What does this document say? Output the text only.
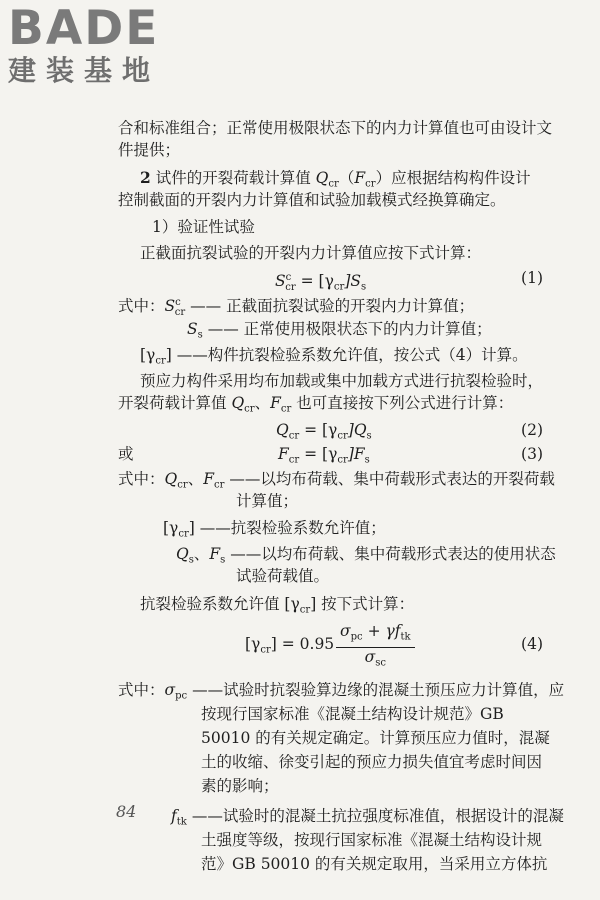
BADE
建装基地
合和标准组合；正常使用极限状态下的内力计算值也可由设计文
件提供；
2 试件的开裂荷载计算值 $Q_{cr}(F_{cr})$应根据结构构件设计
控制截面的开裂内力计算值和试验加载模式经换算确定。
1）验证性试验
正截面抗裂试验的开裂内力计算值应按下式计算：
$S^c_{cr} = [\gamma_{cr}]S_s$
(1)
式中：$S^c_{cr}$ —— 正截面抗裂试验的开裂内力计算值；
$S_s$ —— 正常使用极限状态下的内力计算值；
$[\gamma_{cr}]$ ——构件抗裂检验系数允许值，按公式（4）计算。
预应力构件采用均布加载或集中加载方式进行抗裂检验时，
开裂荷载计算值 $Q_{cr}$、$F_{cr}$ 也可直接按下列公式进行计算：
$Q_{cr} = [\gamma_{cr}]Q_s$	(2)
或	$F_{cr} = [\gamma_{cr}]F_s$	(3)
式中：$Q_{cr}$、$F_{cr}$ ——以均布荷载、集中荷载形式表达的开裂荷载
计算值；
$[\gamma_{cr}]$ ——抗裂检验系数允许值；
$Q_s$、$F_s$ ——以均布荷载、集中荷载形式表达的使用状态
试验荷载值。
抗裂检验系数允许值 $[\gamma_{cr}]$ 按下式计算：
$[\gamma_{cr}] = 0.95$
$\sigma_{pc} + \gamma f_{tk}$
$\sigma_{sc}$
(4)
式中：$\sigma_{pc}$ ——试验时抗裂验算边缘的混凝土预压应力计算值，应
按现行国家标准《混凝土结构设计规范》GB
50010 的有关规定确定。计算预压应力值时，混凝
土的收缩、徐变引起的预应力损失值宜考虑时间因
素的影响；
$f_{tk}$ ——试验时的混凝土抗拉强度标准值，根据设计的混凝
土强度等级，按现行国家标准《混凝土结构设计规
范》GB 50010 的有关规定取用，当采用立方体抗
84
